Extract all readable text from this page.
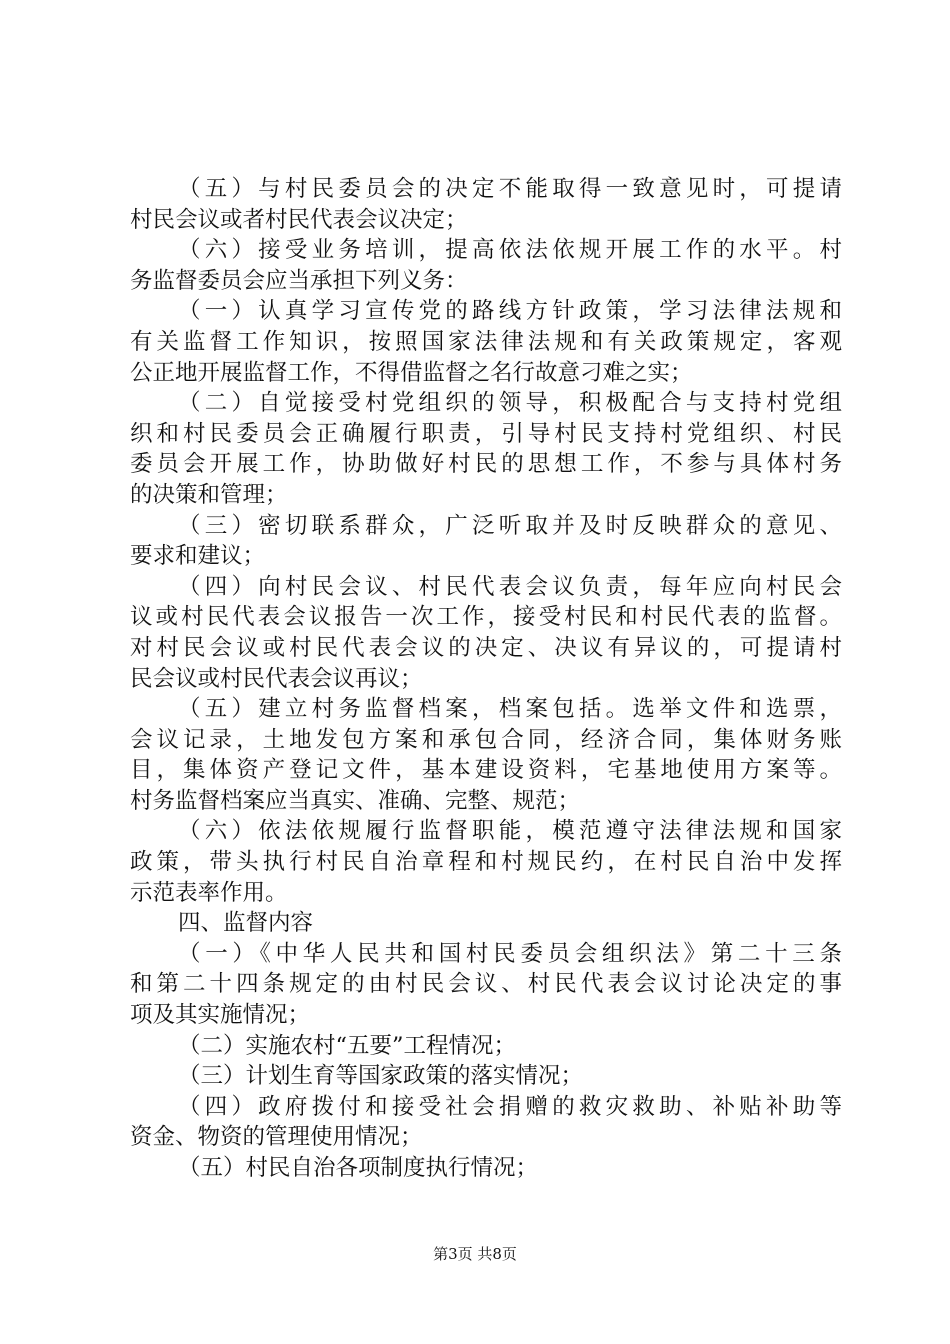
（五）与村民委员会的决定不能取得一致意见时，可提请
村民会议或者村民代表会议决定；
（六）接受业务培训，提高依法依规开展工作的水平。村
务监督委员会应当承担下列义务：
（一）认真学习宣传党的路线方针政策，学习法律法规和
有关监督工作知识，按照国家法律法规和有关政策规定，客观
公正地开展监督工作，不得借监督之名行故意刁难之实；
（二）自觉接受村党组织的领导，积极配合与支持村党组
织和村民委员会正确履行职责，引导村民支持村党组织、村民
委员会开展工作，协助做好村民的思想工作，不参与具体村务
的决策和管理；
（三）密切联系群众，广泛听取并及时反映群众的意见、
要求和建议；
（四）向村民会议、村民代表会议负责，每年应向村民会
议或村民代表会议报告一次工作，接受村民和村民代表的监督。
对村民会议或村民代表会议的决定、决议有异议的，可提请村
民会议或村民代表会议再议；
（五）建立村务监督档案，档案包括。选举文件和选票，
会议记录，土地发包方案和承包合同，经济合同，集体财务账
目，集体资产登记文件，基本建设资料，宅基地使用方案等。
村务监督档案应当真实、准确、完整、规范；
（六）依法依规履行监督职能，模范遵守法律法规和国家
政策，带头执行村民自治章程和村规民约，在村民自治中发挥
示范表率作用。
四、监督内容
（一）《中华人民共和国村民委员会组织法》第二十三条
和第二十四条规定的由村民会议、村民代表会议讨论决定的事
项及其实施情况；
（二）实施农村“五要”工程情况；
（三）计划生育等国家政策的落实情况；
（四）政府拨付和接受社会捐赠的救灾救助、补贴补助等
资金、物资的管理使用情况；
（五）村民自治各项制度执行情况；
第3页 共8页
